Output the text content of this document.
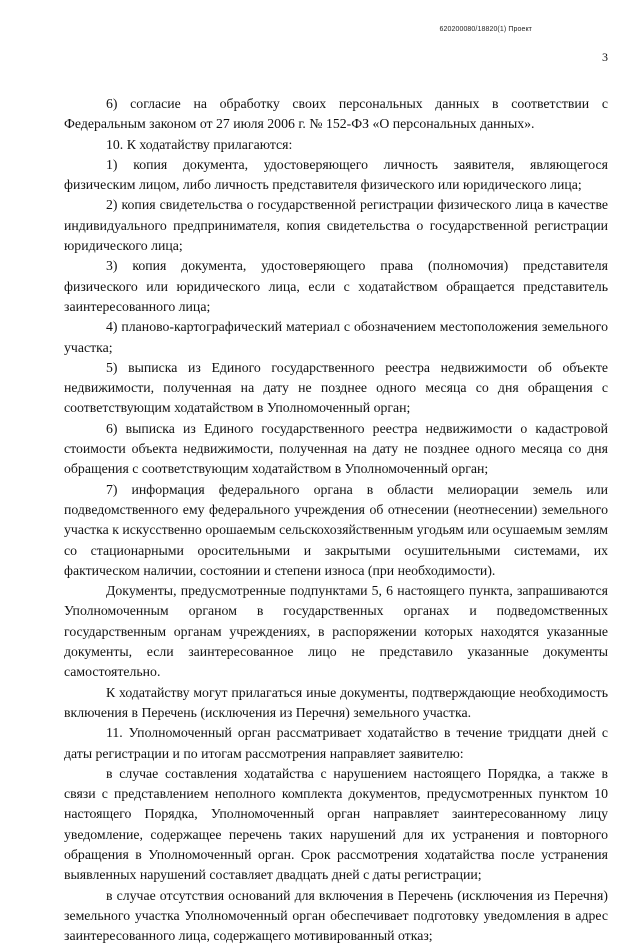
620200080/18820(1) Проект
3

6) согласие на обработку своих персональных данных в соответствии с Федеральным законом от 27 июля 2006 г. № 152-ФЗ «О персональных данных».

10. К ходатайству прилагаются:

1) копия документа, удостоверяющего личность заявителя, являющегося физическим лицом, либо личность представителя физического или юридического лица;

2) копия свидетельства о государственной регистрации физического лица в качестве индивидуального предпринимателя, копия свидетельства о государственной регистрации юридического лица;

3) копия документа, удостоверяющего права (полномочия) представителя физического или юридического лица, если с ходатайством обращается представитель заинтересованного лица;

4) планово-картографический материал с обозначением местоположения земельного участка;

5) выписка из Единого государственного реестра недвижимости об объекте недвижимости, полученная на дату не позднее одного месяца со дня обращения с соответствующим ходатайством в Уполномоченный орган;

6) выписка из Единого государственного реестра недвижимости о кадастровой стоимости объекта недвижимости, полученная на дату не позднее одного месяца со дня обращения с соответствующим ходатайством в Уполномоченный орган;

7) информация федерального органа в области мелиорации земель или подведомственного ему федерального учреждения об отнесении (неотнесении) земельного участка к искусственно орошаемым сельскохозяйственным угодьям или осушаемым землям со стационарными оросительными и закрытыми осушительными системами, их фактическом наличии, состоянии и степени износа (при необходимости).

Документы, предусмотренные подпунктами 5, 6 настоящего пункта, запрашиваются Уполномоченным органом в государственных органах и подведомственных государственным органам учреждениях, в распоряжении которых находятся указанные документы, если заинтересованное лицо не представило указанные документы самостоятельно.

К ходатайству могут прилагаться иные документы, подтверждающие необходимость включения в Перечень (исключения из Перечня) земельного участка.

11. Уполномоченный орган рассматривает ходатайство в течение тридцати дней с даты регистрации и по итогам рассмотрения направляет заявителю:

в случае составления ходатайства с нарушением настоящего Порядка, а также в связи с представлением неполного комплекта документов, предусмотренных пунктом 10 настоящего Порядка, Уполномоченный орган направляет заинтересованному лицу уведомление, содержащее перечень таких нарушений для их устранения и повторного обращения в Уполномоченный орган. Срок рассмотрения ходатайства после устранения выявленных нарушений составляет двадцать дней с даты регистрации;

в случае отсутствия оснований для включения в Перечень (исключения из Перечня) земельного участка Уполномоченный орган обеспечивает подготовку уведомления в адрес заинтересованного лица, содержащего мотивированный отказ;
